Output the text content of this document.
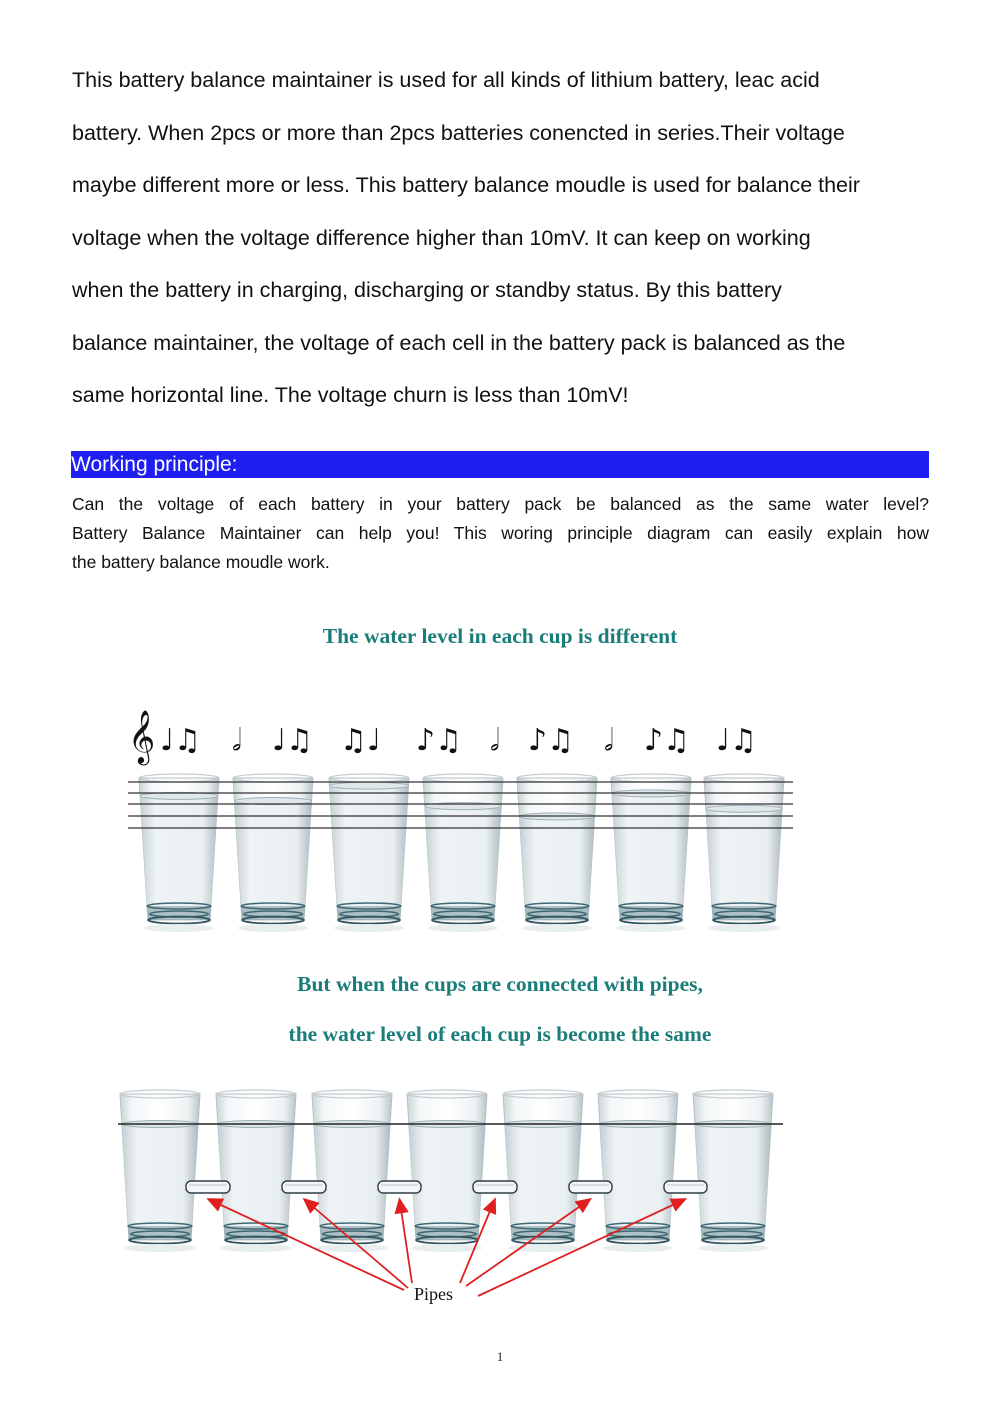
This battery balance maintainer is used for all kinds of lithium battery, leac acid
battery. When 2pcs or more than 2pcs batteries conencted in series.Their voltage
maybe different more or less. This battery balance moudle is used for balance their
voltage when the voltage difference higher than 10mV. It can keep on working
when the battery in charging, discharging or standby status. By this battery
balance maintainer, the voltage of each cell in the battery pack is balanced as the
same horizontal line. The voltage churn is less than 10mV!
Working principle:
Can the voltage of each battery in your battery pack be balanced as the same water level?
Battery Balance Maintainer can help you! This woring principle diagram can easily explain how
the battery balance moudle work.
The water level in each cup is different
But when the cups are connected with pipes,
the water level of each cup is become the same
𝄞 ♩♫ 𝅗𝅥 ♩♫ ♫♩ ♪♫ 𝅗𝅥 ♪♫ 𝅗𝅥 ♪♫ ♩♫
Pipes
1
